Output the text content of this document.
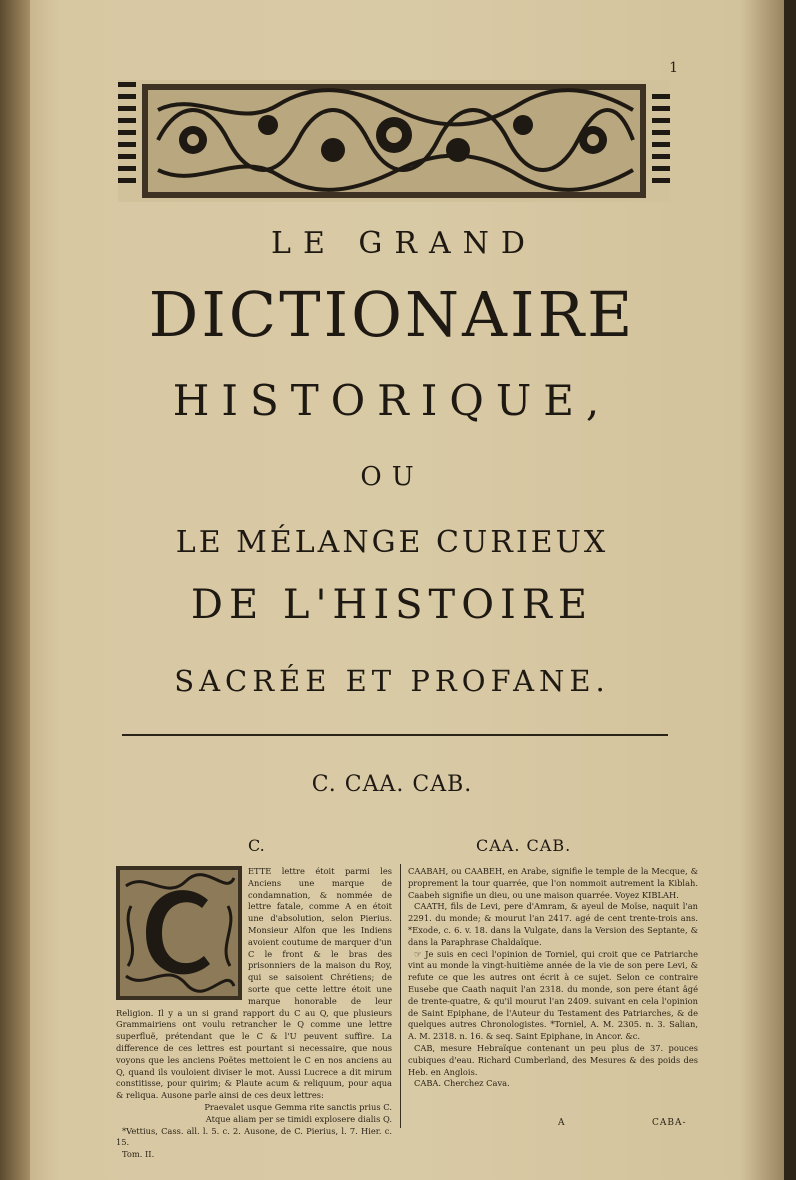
1
LE GRAND
DICTIONAIRE
HISTORIQUE,
OU
LE MÉLANGE CURIEUX
DE L'HISTOIRE
SACRÉE ET PROFANE.
C. CAA. CAB.
C.	CAA. CAB.

ETTE lettre étoit parmi les Anciens une marque de condamnation, & nommée de lettre fatale, comme A en étoit une d'absolution, selon Pierius. Monsieur Alfon que les Indiens avoient coutume de marquer d'un C le front & le bras des prisonniers de la maison du Roy, qui se saisoient Chrétiens; de sorte que cette lettre étoit une marque honorable de leur Religion. Il y a un si grand rapport du C au Q, que plusieurs Grammairiens ont voulu retrancher le Q comme une lettre superfluë, prétendant que le C & l'U peuvent suffire. La difference de ces lettres est pourtant si necessaire, que nous voyons que les anciens Poëtes mettoient le C en nos anciens au Q, quand ils vouloient diviser le mot. Aussi Lucrece a dit mirum constitisse, pour quirim; & Plaute acum & reliquum, pour aqua & reliqua. Ausone parle ainsi de ces deux lettres:

Praevalet usque Gemma rite sanctis prius C.

Atque aliam per se timidi explosere dialis Q.

*Vettius, Cass. all. l. 5. c. 2. Ausone, de C. Pierius, l. 7. Hier. c. 15.

Tom. II.

CAABAH, ou CAABEH, en Arabe, signifie le temple de la Mecque, & proprement la tour quarrée, que l'on nommoit autrement la Kiblah. Caabeh signifie un dieu, ou une maison quarrée. Voyez KIBLAH.

CAATH, fils de Levi, pere d'Amram, & ayeul de Moïse, naquit l'an 2291. du monde; & mourut l'an 2417. agé de cent trente-trois ans. *Exode, c. 6. v. 18. dans la Vulgate, dans la Version des Septante, & dans la Paraphrase Chaldaïque.

☞ Je suis en ceci l'opinion de Torniel, qui croit que ce Patriarche vint au monde la vingt-huitième année de la vie de son pere Levi, & refute ce que les autres ont écrit à ce sujet. Selon ce contraire Eusebe que Caath naquit l'an 2318. du monde, son pere étant âgé de trente-quatre, & qu'il mourut l'an 2409. suivant en cela l'opinion de Saint Epiphane, de l'Auteur du Testament des Patriarches, & de quelques autres Chronologistes. *Torniel, A. M. 2305. n. 3. Salian, A. M. 2318. n. 16. & seq. Saint Epiphane, in Ancor. &c.

CAB, mesure Hebraïque contenant un peu plus de 37. pouces cubiques d'eau. Richard Cumberland, des Mesures & des poids des Heb. en Anglois.

CABA. Cherchez Cava.

A	CABA-
